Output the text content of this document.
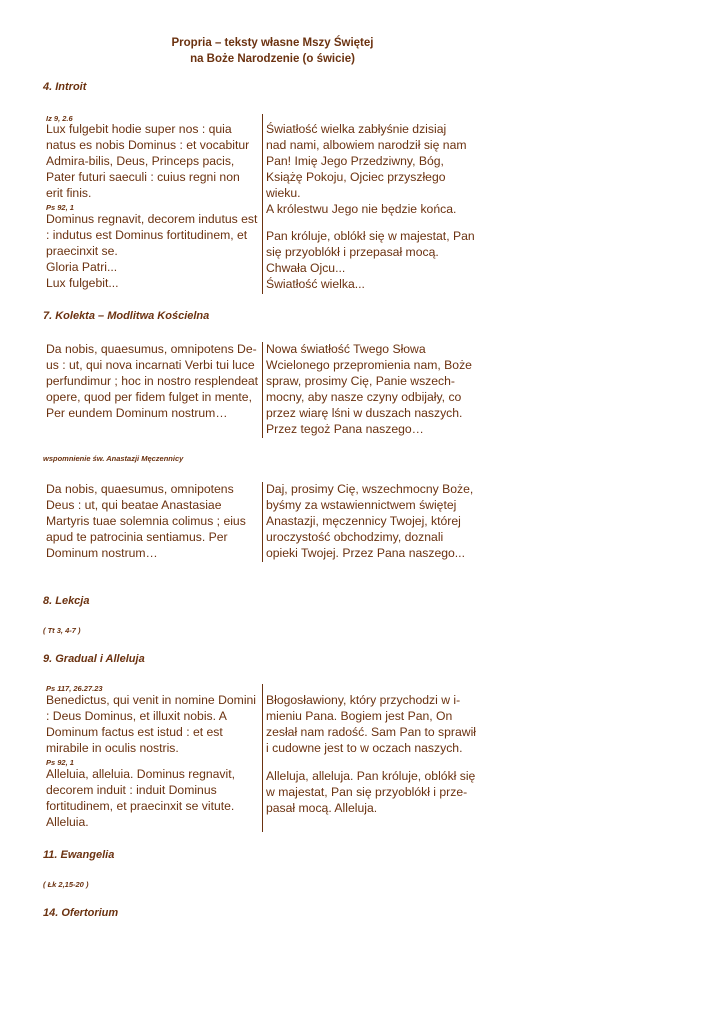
Propria – teksty własne Mszy Świętej
na Boże Narodzenie (o świcie)
4. Introit
Iz 9, 2.6
Lux fulgebit hodie super nos : quia
natus es nobis Dominus : et vocabitur
Admira-bilis, Deus, Princeps pacis,
Pater futuri saeculi : cuius regni non
erit finis.
Ps 92, 1
Dominus regnavit, decorem indutus est
: indutus est Dominus fortitudinem, et
praecinxit se.
Gloria Patri...
Lux fulgebit...
Światłość wielka zabłyśnie dzisiaj
nad nami, albowiem narodził się nam
Pan! Imię Jego Przedziwny, Bóg,
Książę Pokoju, Ojciec przyszłego
wieku.
A królestwu Jego nie będzie końca.
Pan króluje, oblókł się w majestat, Pan
się przyoblókł i przepasał mocą.
Chwała Ojcu...
Światłość wielka...
7. Kolekta – Modlitwa Kościelna
Da nobis, quaesumus, omnipotens De-
us : ut, qui nova incarnati Verbi tui luce
perfundimur ; hoc in nostro resplendeat
opere, quod per fidem fulget in mente,
Per eundem Dominum nostrum…
Nowa światłość Twego Słowa
Wcielonego przepromienia nam, Boże
spraw, prosimy Cię, Panie wszech-
mocny, aby nasze czyny odbijały, co
przez wiarę lśni w duszach naszych.
Przez tegoż Pana naszego…
wspomnienie św. Anastazji Męczennicy
Da nobis, quaesumus, omnipotens
Deus : ut, qui beatae Anastasiae
Martyris tuae solemnia colimus ; eius
apud te patrocinia sentiamus. Per
Dominum nostrum…
Daj, prosimy Cię, wszechmocny Boże,
byśmy za wstawiennictwem świętej
Anastazji, męczennicy Twojej, której
uroczystość obchodzimy, doznali
opieki Twojej. Przez Pana naszego...
8. Lekcja
( Tt 3, 4-7 )
9. Gradual i Alleluja
Ps 117, 26.27.23
Benedictus, qui venit in nomine Domini
: Deus Dominus, et illuxit nobis. A
Dominum factus est istud : et est
mirabile in oculis nostris.
Ps 92, 1
Alleluia, alleluia. Dominus regnavit,
decorem induit : induit Dominus
fortitudinem, et praecinxit se vitute.
Alleluia.
Błogosławiony, który przychodzi w i-
mieniu Pana. Bogiem jest Pan, On
zesłał nam radość. Sam Pan to sprawił
i cudowne jest to w oczach naszych.
Alleluja, alleluja. Pan króluje, oblókł się
w majestat, Pan się przyoblókł i prze-
pasał mocą. Alleluja.
11. Ewangelia
( Łk 2,15-20 )
14. Ofertorium
